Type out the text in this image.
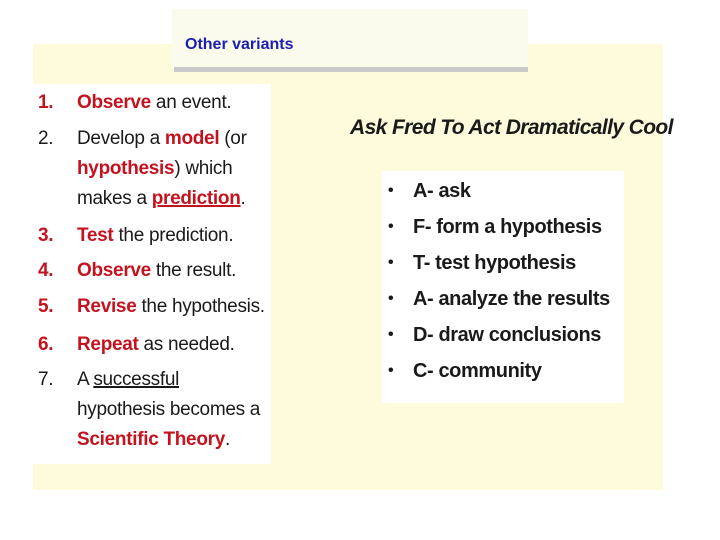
Other variants
1. Observe an event.
2. Develop a model (or
hypothesis) which
makes a prediction.
3. Test the prediction.
4. Observe the result.
5. Revise the hypothesis.
6. Repeat as needed.
7. A successful
hypothesis becomes a
Scientific Theory.
Ask Fred To Act Dramatically Cool
• A- ask
• F- form a hypothesis
• T- test hypothesis
• A- analyze the results
• D- draw conclusions
• C- community
